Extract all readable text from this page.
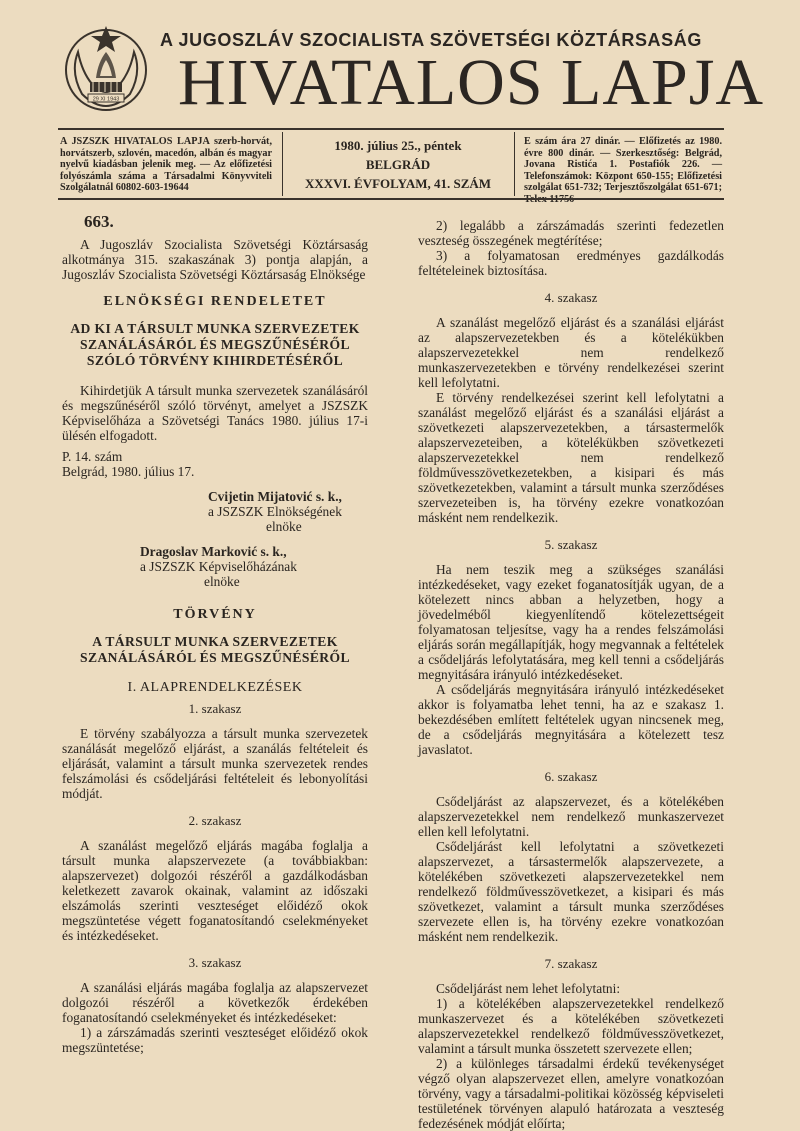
29 XI 1943
A JUGOSZLÁV SZOCIALISTA SZÖVETSÉGI KÖZTÁRSASÁG
HIVATALOS LAPJA
A JSZSZK HIVATALOS LAPJA szerb-horvát, horvátszerb, szlovén, macedón, albán és magyar nyelvű kiadásban jelenik meg. — Az előfizetési folyószámla száma a Társadalmi Könyvviteli Szolgálatnál 60802-603-19644
1980. július 25., péntek
BELGRÁD
XXXVI. ÉVFOLYAM, 41. SZÁM
E szám ára 27 dinár. — Előfizetés az 1980. évre 800 dinár. — Szerkesztőség: Belgrád, Jovana Ristića 1. Postafiók 226. — Telefonszámok: Központ 650-155; Előfizetési szolgálat 651-732; Terjesztőszolgálat 651-671;
663.

A Jugoszláv Szocialista Szövetségi Köztársaság alkotmánya 315. szakaszának 3) pontja alapján, a Jugoszláv Szocialista Szövetségi Köztársaság Elnöksége

ELNÖKSÉGI RENDELETET
AD KI A TÁRSULT MUNKA SZERVEZETEK SZANÁLÁSÁRÓL ÉS MEGSZŰNÉSÉRŐL SZÓLÓ TÖRVÉNY KIHIRDETÉSÉRŐL

Kihirdetjük A társult munka szervezetek szanálásáról és megszűnéséről szóló törvényt, amelyet a JSZSZK Képviselőháza a Szövetségi Tanács 1980. július 17-i ülésén elfogadott.

P. 14. szám

Belgrád, 1980. július 17.

Cvijetin Mijatović s. k.,
a JSZSZK Elnökségének
elnöke
Dragoslav Marković s. k.,
a JSZSZK Képviselőházának
elnöke
TÖRVÉNY
A TÁRSULT MUNKA SZERVEZETEK SZANÁLÁSÁRÓL ÉS MEGSZŰNÉSÉRŐL
I. ALAPRENDELKEZÉSEK
1. szakasz

E törvény szabályozza a társult munka szervezetek szanálását megelőző eljárást, a szanálás feltételeit és eljárását, valamint a társult munka szervezetek rendes felszámolási és csődeljárási feltételeit és lebonyolítási módját.

2. szakasz

A szanálást megelőző eljárás magába foglalja a társult munka alapszervezete (a továbbiakban: alapszervezet) dolgozói részéről a gazdálkodásban keletkezett zavarok okainak, valamint az időszaki elszámolás szerinti veszteséget előidéző okok megszüntetése végett foganatosítandó cselekményeket és intézkedéseket.

3. szakasz

A szanálási eljárás magába foglalja az alapszervezet dolgozói részéről a következők érdekében foganatosítandó cselekményeket és intézkedéseket:

1) a zárszámadás szerinti veszteséget előidéző okok megszüntetése;

2) legalább a zárszámadás szerinti fedezetlen veszteség összegének megtérítése;

3) a folyamatosan eredményes gazdálkodás feltételeinek biztosítása.

4. szakasz

A szanálást megelőző eljárást és a szanálási eljárást az alapszervezetekben és a kötelékükben alapszervezetekkel nem rendelkező munkaszervezetekben e törvény rendelkezései szerint kell lefolytatni.

E törvény rendelkezései szerint kell lefolytatni a szanálást megelőző eljárást és a szanálási eljárást a szövetkezeti alapszervezetekben, a társastermelők alapszervezeteiben, a kötelékükben szövetkezeti alapszervezetekkel nem rendelkező földművesszövetkezetekben, a kisipari és más szövetkezetekben, valamint a társult munka szerződéses szervezeteiben is, ha törvény ezekre vonatkozóan másként nem rendelkezik.

5. szakasz

Ha nem teszik meg a szükséges szanálási intézkedéseket, vagy ezeket foganatosítják ugyan, de a kötelezett nincs abban a helyzetben, hogy a jövedelméből kiegyenlítendő kötelezettségeit folyamatosan teljesítse, vagy ha a rendes felszámolási eljárás során megállapítják, hogy megvannak a feltételek a csődeljárás lefolytatására, meg kell tenni a csődeljárás megnyitására irányuló intézkedéseket.

A csődeljárás megnyitására irányuló intézkedéseket akkor is folyamatba lehet tenni, ha az e szakasz 1. bekezdésében említett feltételek ugyan nincsenek meg, de a csődeljárás megnyitására a kötelezett tesz javaslatot.

6. szakasz

Csődeljárást az alapszervezet, és a kötelékében alapszervezetekkel nem rendelkező munkaszervezet ellen kell lefolytatni.

Csődeljárást kell lefolytatni a szövetkezeti alapszervezet, a társastermelők alapszervezete, a kötelékében szövetkezeti alapszervezetekkel nem rendelkező földművesszövetkezet, a kisipari és más szövetkezet, valamint a társult munka szerződéses szervezete ellen is, ha törvény ezekre vonatkozóan másként nem rendelkezik.

7. szakasz

Csődeljárást nem lehet lefolytatni:

1) a kötelékében alapszervezetekkel rendelkező munkaszervezet és a kötelékében szövetkezeti alapszervezetekkel rendelkező földművesszövetkezet, valamint a társult munka összetett szervezete ellen;

2) a különleges társadalmi érdekű tevékenységet végző olyan alapszervezet ellen, amelyre vonatkozóan törvény, vagy a társadalmi-politikai közösség képviseleti testületének törvényen alapuló határozata a veszteség fedezésének módját előírta;
